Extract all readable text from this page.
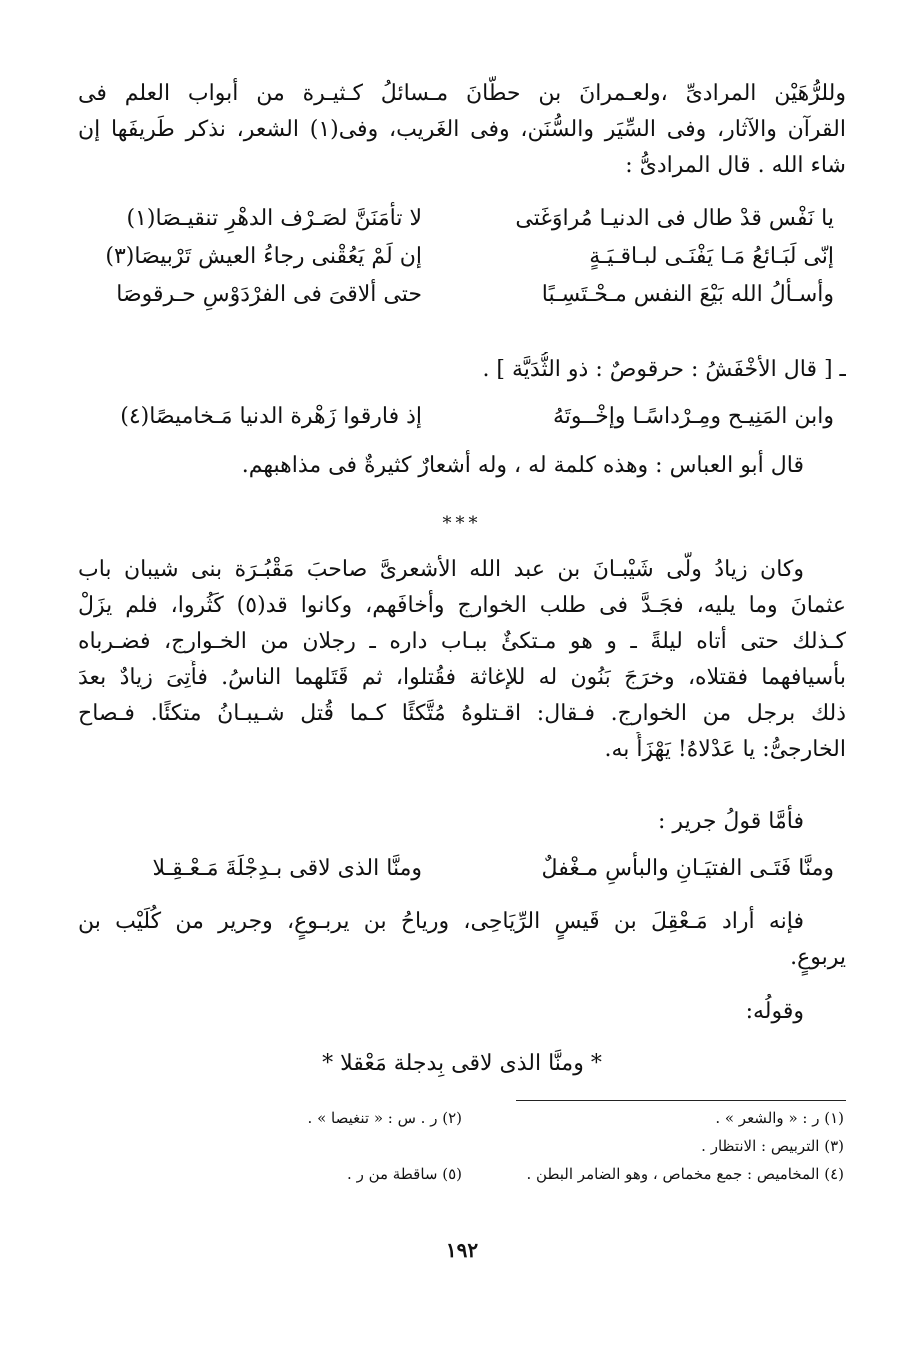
وللرُّهَيْن المرادىِّ ،ولعـمرانَ بن حطّانَ مـسائلُ كـثيـرة من أبواب العلم فى
القرآن والآثار، وفى السِّيَر والسُّنَن، وفى الغَريب، وفى(١) الشعر، نذكر طَريفَها إن
شاء الله . قال المرادىُّ :
يا نَفْس قدْ طال فى الدنيـا مُراوَغَتى
لا تأمَنَنَّ لصَـرْف الدهْرِ تنقيـصَا(١)
إنّى لَبَـائعُ مَـا يَفْنَـى لبـاقـيَـةٍ
إن لَمْ يَعُقْنى رجاءُ العيش تَرْبيصَا(٣)
وأسـألُ الله بَيْعَ النفس مـحْـتَسِـبًا
حتى ألاقىَ فى الفرْدَوْسِ حـرقوصَا
ـ [ قال الأخْفَشُ : حرقوصٌ : ذو الثُّدَيَّة ] .
وابن المَنِيـح ومِـرْداسًـا وإخْــوتَهُ
إذ فارقوا زَهْرة الدنيا مَـخاميصًا(٤)
قال أبو العباس : وهذه كلمة له ، وله أشعارٌ كثيرةٌ فى مذاهبهم.
***
وكان زيادُ ولَّى شَيْبـانَ بن عبد الله الأشعرىَّ صاحبَ مَقْبُـرَة بنى شيبان باب
عثمانَ وما يليه، فجَـدَّ فى طلب الخوارج وأخافَهم، وكانوا قد(٥) كَثُروا، فلم يزَلْ
كـذلك حتى أتاه ليلةً ـ و هو مـتكئٌ ببـاب داره ـ رجلان من الخـوارج، فضـرباه
بأسيافهما فقتلاه، وخرَجَ بَنُون له للإغاثة فقُتلوا، ثم قَتَلهما الناسُ. فأُتِىَ زيادٌ بعدَ
ذلك برجل من الخوارج. فـقال: اقـتلوهُ مُتَّكئًا كـما قُتل شـيبـانُ متكئًا. فـصاح
الخارجىُّ: يا عَدْلاهُ! يَهْزَأُ به.
فأمَّا قولُ جرير :
ومنَّا فَتَـى الفتيَـانِ والبأسِ مـغْفلٌ
ومنَّا الذى لاقى بـدِجْلَةَ مَـعْـقِـلا
فإنه أراد مَـعْقِلَ بن قَيسٍ الرِّيَاحِى، ورياحُ بن يربـوعٍ، وجرير من كُلَيْب بن
يربوعٍ.
وقولُه:
* ومنَّا الذى لاقى بِدجلة مَعْقلا *
(١) ر : « والشعر » .
(٢) ر . س : « تنغيصا » .
(٣) التربيص : الانتظار .
(٤) المخاميص : جمع مخماص ، وهو الضامر البطن .
(٥) ساقطة من ر .
١٩٢
